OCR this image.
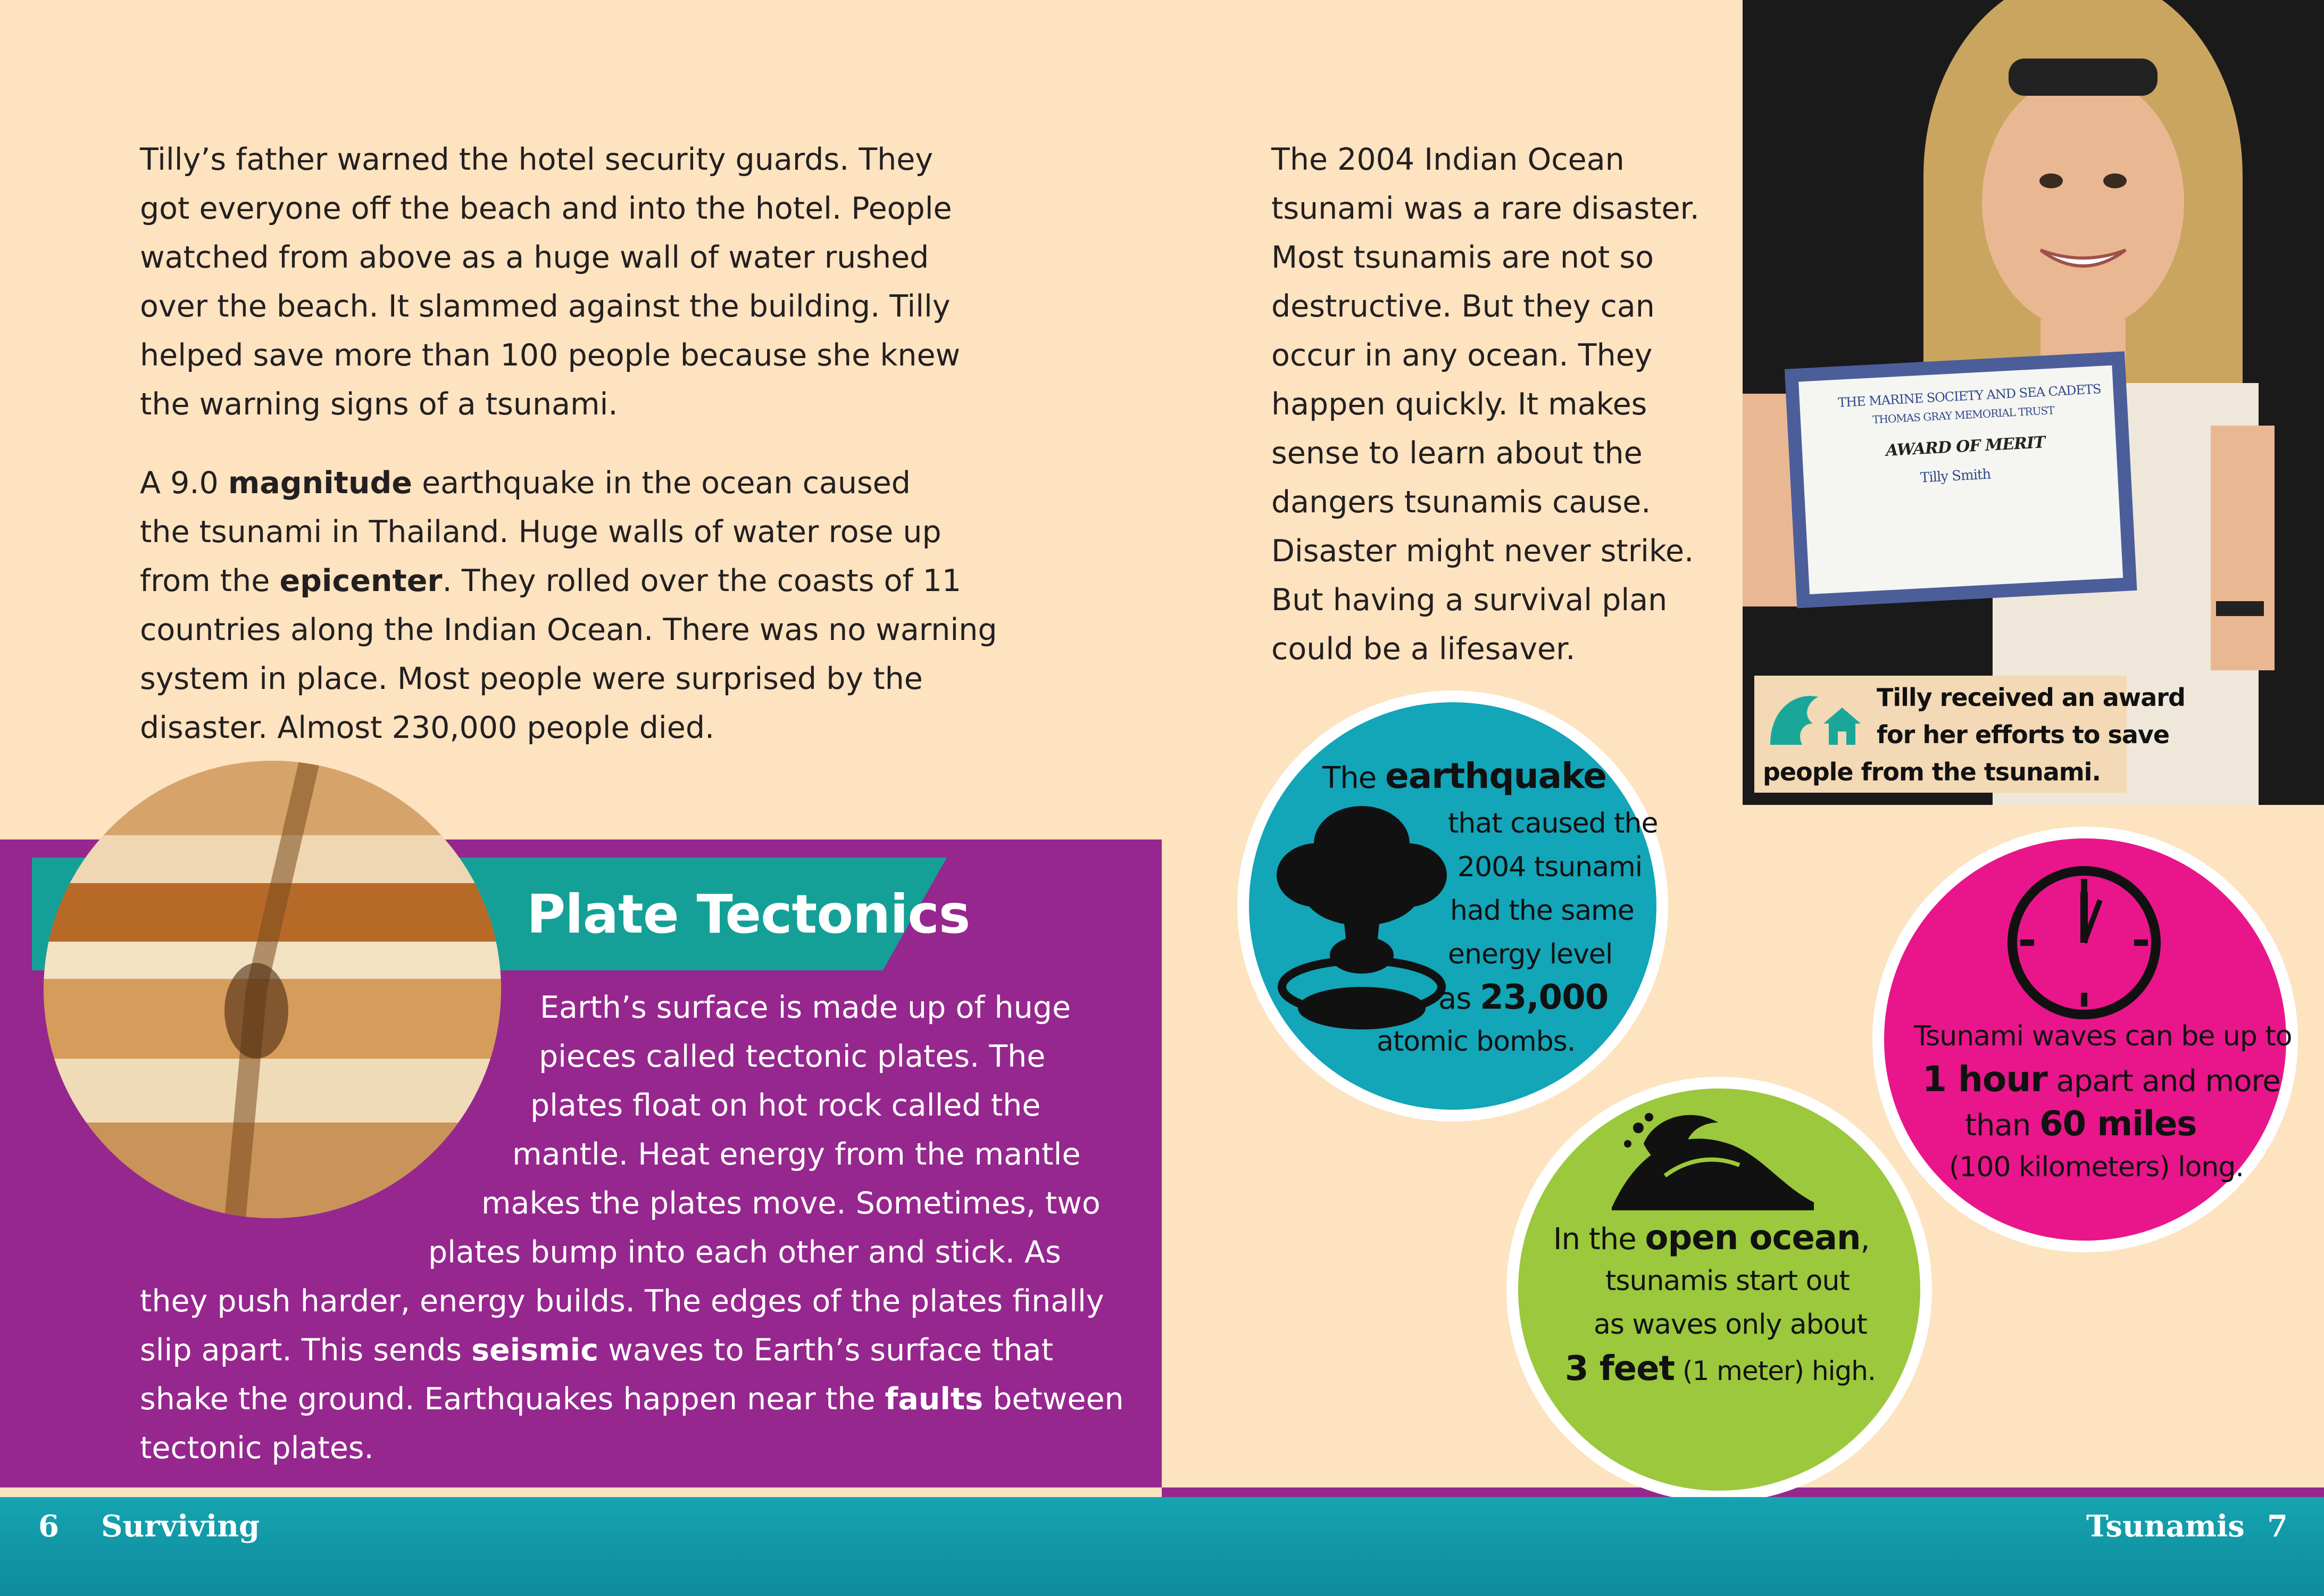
Tilly’s father warned the hotel security guards. They
got everyone off the beach and into the hotel. People
watched from above as a huge wall of water rushed
over the beach. It slammed against the building. Tilly
helped save more than 100 people because she knew
the warning signs of a tsunami.
A 9.0 magnitude earthquake in the ocean caused
the tsunami in Thailand. Huge walls of water rose up
from the epicenter. They rolled over the coasts of 11
countries along the Indian Ocean. There was no warning
system in place. Most people were surprised by the
disaster. Almost 230,000 people died.
The 2004 Indian Ocean
tsunami was a rare disaster.
Most tsunamis are not so
destructive. But they can
occur in any ocean. They
happen quickly. It makes
sense to learn about the
dangers tsunamis cause.
Disaster might never strike.
But having a survival plan
could be a lifesaver.
Plate Tectonics
Earth’s surface is made up of huge
pieces called tectonic plates. The
plates float on hot rock called the
mantle. Heat energy from the mantle
makes the plates move. Sometimes, two
plates bump into each other and stick. As
they push harder, energy builds. The edges of the plates finally
slip apart. This sends seismic waves to Earth’s surface that
shake the ground. Earthquakes happen near the faults between
tectonic plates.
THE MARINE SOCIETY AND SEA CADETS
THOMAS GRAY MEMORIAL TRUST
AWARD OF MERIT
Tilly Smith
Tilly received an award
for her efforts to save
people from the tsunami.
The earthquake
that caused the
2004 tsunami
had the same
energy level
as 23,000
atomic bombs.
In the open ocean,
tsunamis start out
as waves only about
3 feet (1 meter) high.
Tsunami waves can be up to
1 hour apart and more
than 60 miles
(100 kilometers) long.
6 Surviving	Tsunamis 7
